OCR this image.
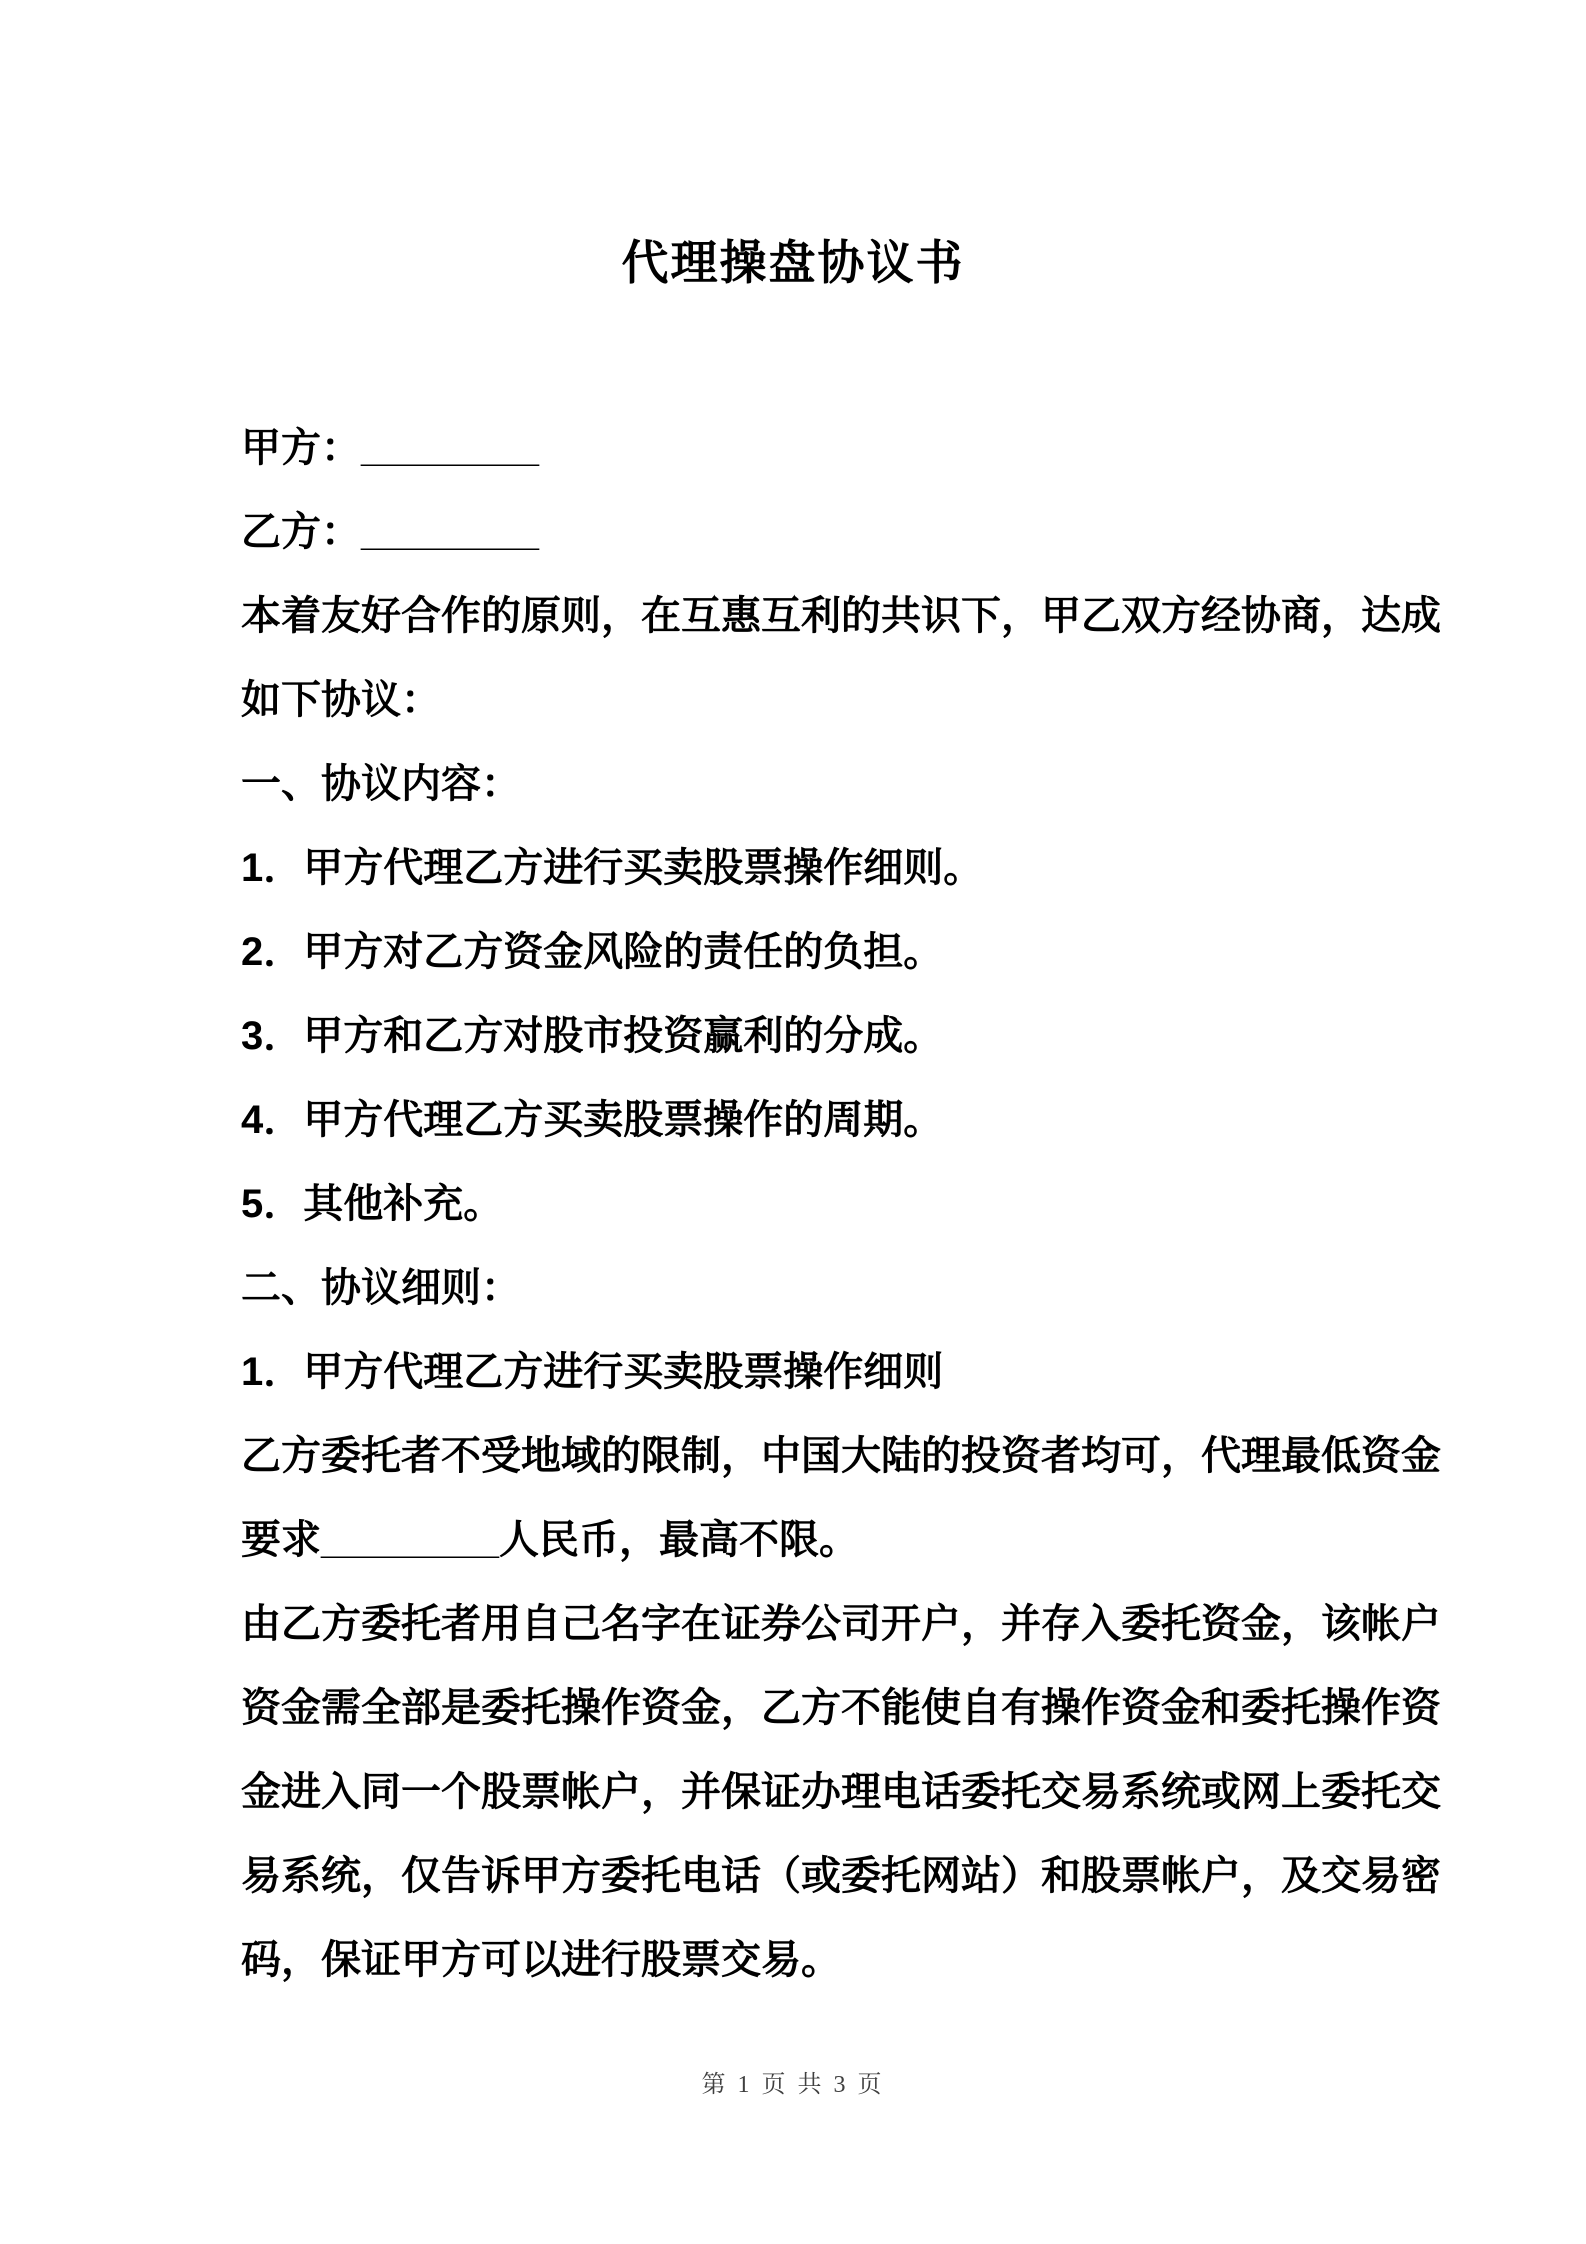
代理操盘协议书

甲方：________

乙方：________

本着友好合作的原则，在互惠互利的共识下，甲乙双方经协商，达成

如下协议：

一、协议内容：

1．甲方代理乙方进行买卖股票操作细则。

2．甲方对乙方资金风险的责任的负担。

3．甲方和乙方对股市投资赢利的分成。

4．甲方代理乙方买卖股票操作的周期。

5．其他补充。

二、协议细则：

1．甲方代理乙方进行买卖股票操作细则

乙方委托者不受地域的限制，中国大陆的投资者均可，代理最低资金

要求________人民币，最高不限。

由乙方委托者用自己名字在证券公司开户，并存入委托资金，该帐户

资金需全部是委托操作资金，乙方不能使自有操作资金和委托操作资

金进入同一个股票帐户，并保证办理电话委托交易系统或网上委托交

易系统，仅告诉甲方委托电话（或委托网站）和股票帐户，及交易密

码，保证甲方可以进行股票交易。

第 1 页 共 3 页
